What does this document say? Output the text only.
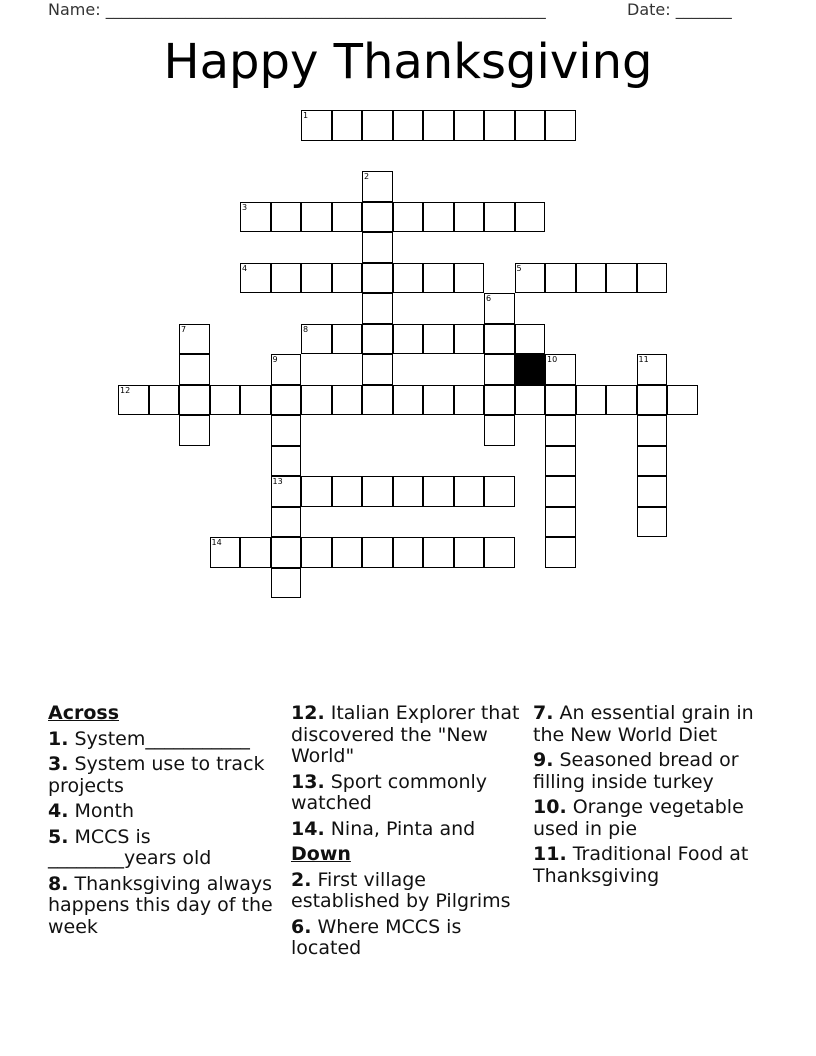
Name: _______________________________________________________	Date: _______
Happy Thanksgiving
1
3
4	5
8
12
13
14
2
6
7
9	10	11
Across
1. System___________
3. System use to track projects
4. Month
5. MCCS is ________years old
8. Thanksgiving always happens this day of the week
12. Italian Explorer that discovered the "New World"
13. Sport commonly watched
14. Nina, Pinta and
Down
2. First village established by Pilgrims
6. Where MCCS is located
7. An essential grain in the New World Diet
9. Seasoned bread or filling inside turkey
10. Orange vegetable used in pie
11. Traditional Food at Thanksgiving
